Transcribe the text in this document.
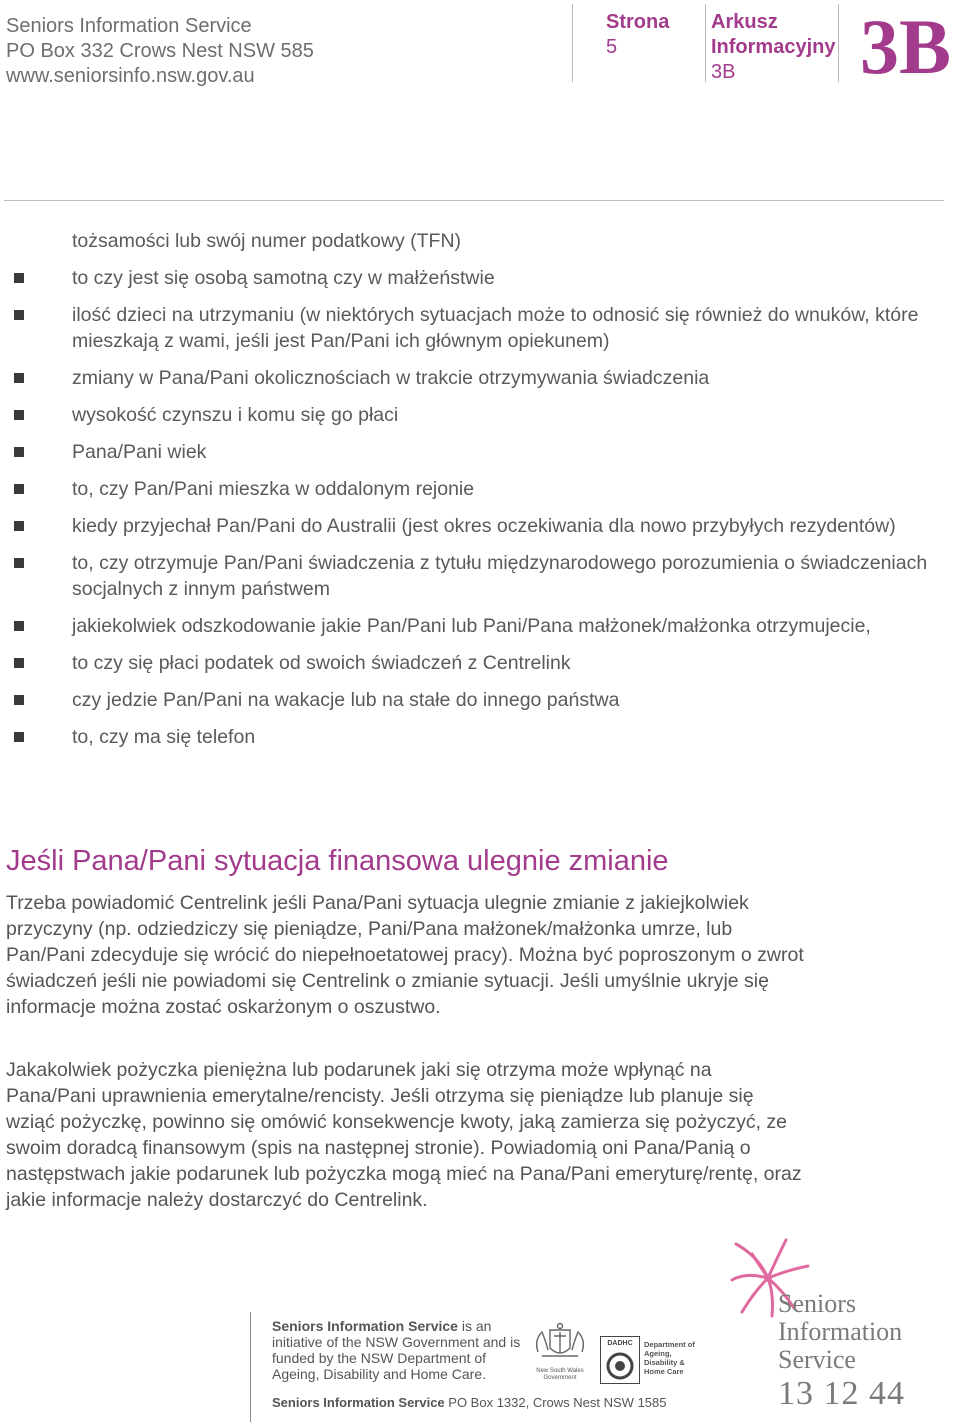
Seniors Information Service
PO Box 332 Crows Nest NSW 585
www.seniorsinfo.nsw.gov.au
Strona
5
Arkusz
Informacyjny
3B	3B
tożsamości lub swój numer podatkowy (TFN)
to czy jest się osobą samotną czy w małżeństwie
ilość dzieci na utrzymaniu (w niektórych sytuacjach może to odnosić się również do wnuków, które mieszkają z wami, jeśli jest Pan/Pani ich głównym opiekunem)
zmiany w Pana/Pani okolicznościach w trakcie otrzymywania świadczenia
wysokość czynszu i komu się go płaci
Pana/Pani wiek
to, czy Pan/Pani mieszka w oddalonym rejonie
kiedy przyjechał Pan/Pani do Australii (jest okres oczekiwania dla nowo przybyłych rezydentów)
to, czy otrzymuje Pan/Pani świadczenia z tytułu międzynarodowego porozumienia o świadczeniach socjalnych z innym państwem
jakiekolwiek odszkodowanie jakie Pan/Pani lub Pani/Pana małżonek/małżonka otrzymujecie,
to czy się płaci podatek od swoich świadczeń z Centrelink
czy jedzie Pan/Pani na wakacje lub na stałe do innego państwa
to, czy ma się telefon
Jeśli Pana/Pani sytuacja finansowa ulegnie zmianie

Trzeba powiadomić Centrelink jeśli Pana/Pani sytuacja ulegnie zmianie z jakiejkolwiek przyczyny (np. odziedziczy się pieniądze, Pani/Pana małżonek/małżonka umrze, lub Pan/Pani zdecyduje się wrócić do niepełnoetatowej pracy). Można być poproszonym o zwrot świadczeń jeśli nie powiadomi się Centrelink o zmianie sytuacji. Jeśli umyślnie ukryje się informacje można zostać oskarżonym o oszustwo.

Jakakolwiek pożyczka pieniężna lub podarunek jaki się otrzyma może wpłynąć na Pana/Pani uprawnienia emerytalne/rencisty. Jeśli otrzyma się pieniądze lub planuje się wziąć pożyczkę, powinno się omówić konsekwencje kwoty, jaką zamierza się pożyczyć, ze swoim doradcą finansowym (spis na następnej stronie). Powiadomią oni Pana/Panią o następstwach jakie podarunek lub pożyczka mogą mieć na Pana/Pani emeryturę/rentę, oraz jakie informacje należy dostarczyć do Centrelink.

Seniors Information Service is an initiative of the NSW Government and is funded by the NSW Department of Ageing, Disability and Home Care.
Seniors Information Service PO Box 1332, Crows Nest NSW 1585
New South Wales Government
DADHC Department of Ageing, Disability & Home Care
Seniors
Information
Service
13 12 44
